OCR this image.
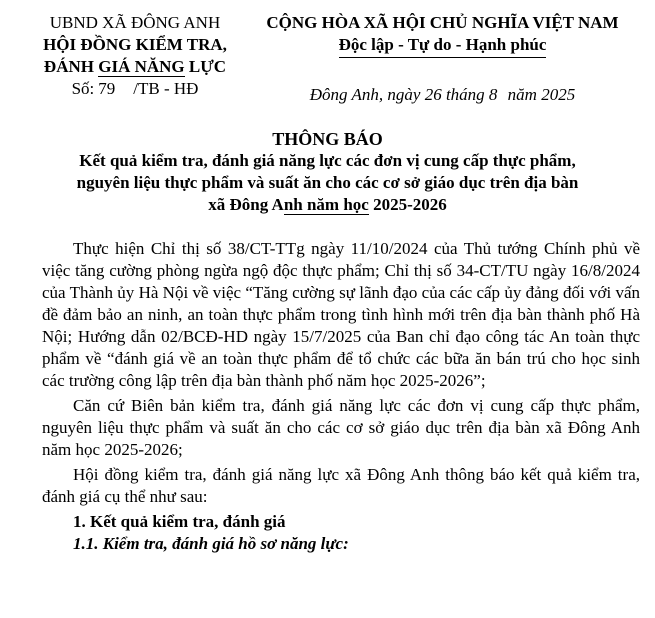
UBND XÃ ĐÔNG ANH
HỘI ĐỒNG KIỂM TRA,
ĐÁNH GIÁ NĂNG LỰC
Số: 79 /TB - HĐ
CỘNG HÒA XÃ HỘI CHỦ NGHĨA VIỆT NAM
Độc lập - Tự do - Hạnh phúc
Đông Anh, ngày 26 tháng 8 năm 2025
THÔNG BÁO
Kết quả kiểm tra, đánh giá năng lực các đơn vị cung cấp thực phẩm,
nguyên liệu thực phẩm và suất ăn cho các cơ sở giáo dục trên địa bàn
xã Đông Anh năm học 2025-2026

Thực hiện Chỉ thị số 38/CT-TTg ngày 11/10/2024 của Thủ tướng Chính phủ về việc tăng cường phòng ngừa ngộ độc thực phẩm; Chỉ thị số 34-CT/TU ngày 16/8/2024 của Thành ủy Hà Nội về việc “Tăng cường sự lãnh đạo của các cấp ủy đảng đối với vấn đề đảm bảo an ninh, an toàn thực phẩm trong tình hình mới trên địa bàn thành phố Hà Nội; Hướng dẫn 02/BCĐ-HD ngày 15/7/2025 của Ban chỉ đạo công tác An toàn thực phẩm về “đánh giá về an toàn thực phẩm để tổ chức các bữa ăn bán trú cho học sinh các trường công lập trên địa bàn thành phố năm học 2025-2026”;

Căn cứ Biên bản kiểm tra, đánh giá năng lực các đơn vị cung cấp thực phẩm, nguyên liệu thực phẩm và suất ăn cho các cơ sở giáo dục trên địa bàn xã Đông Anh năm học 2025-2026;

Hội đồng kiểm tra, đánh giá năng lực xã Đông Anh thông báo kết quả kiểm tra, đánh giá cụ thể như sau:

1. Kết quả kiểm tra, đánh giá
1.1. Kiểm tra, đánh giá hồ sơ năng lực:
